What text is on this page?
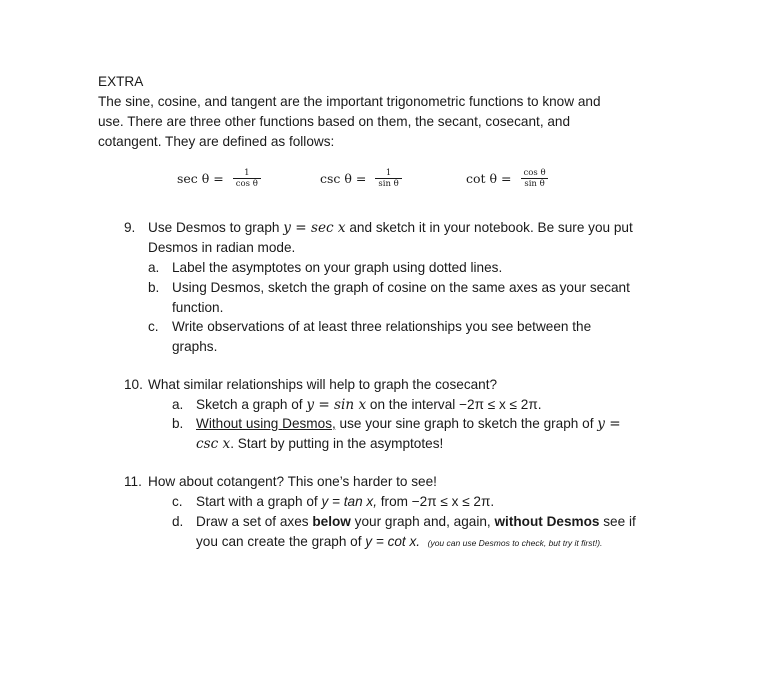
EXTRA
The sine, cosine, and tangent are the important trigonometric functions to know and
use. There are three other functions based on them, the secant, cosecant, and
cotangent. They are defined as follows:
$\sec \theta = \frac{1}{\text{cos θ}}$	$\csc \theta = \frac{1}{\text{sin θ}}$	$\cot \theta = \frac{\text{cos θ}}{\text{sin θ}}$
9. Use Desmos to graph y = sec x and sketch it in your notebook. Be sure you put
Desmos in radian mode.
a. Label the asymptotes on your graph using dotted lines.
b. Using Desmos, sketch the graph of cosine on the same axes as your secant
function.
c. Write observations of at least three relationships you see between the
graphs.
10. What similar relationships will help to graph the cosecant?
a. Sketch a graph of y = sin x on the interval −2π ≤ x ≤ 2π.
b. Without using Desmos, use your sine graph to sketch the graph of y =
csc x. Start by putting in the asymptotes!
11. How about cotangent? This one’s harder to see!
c. Start with a graph of y = tan x, from −2π ≤ x ≤ 2π.
d. Draw a set of axes below your graph and, again, without Desmos see if
you can create the graph of y = cot x. (you can use Desmos to check, but try it first!).
